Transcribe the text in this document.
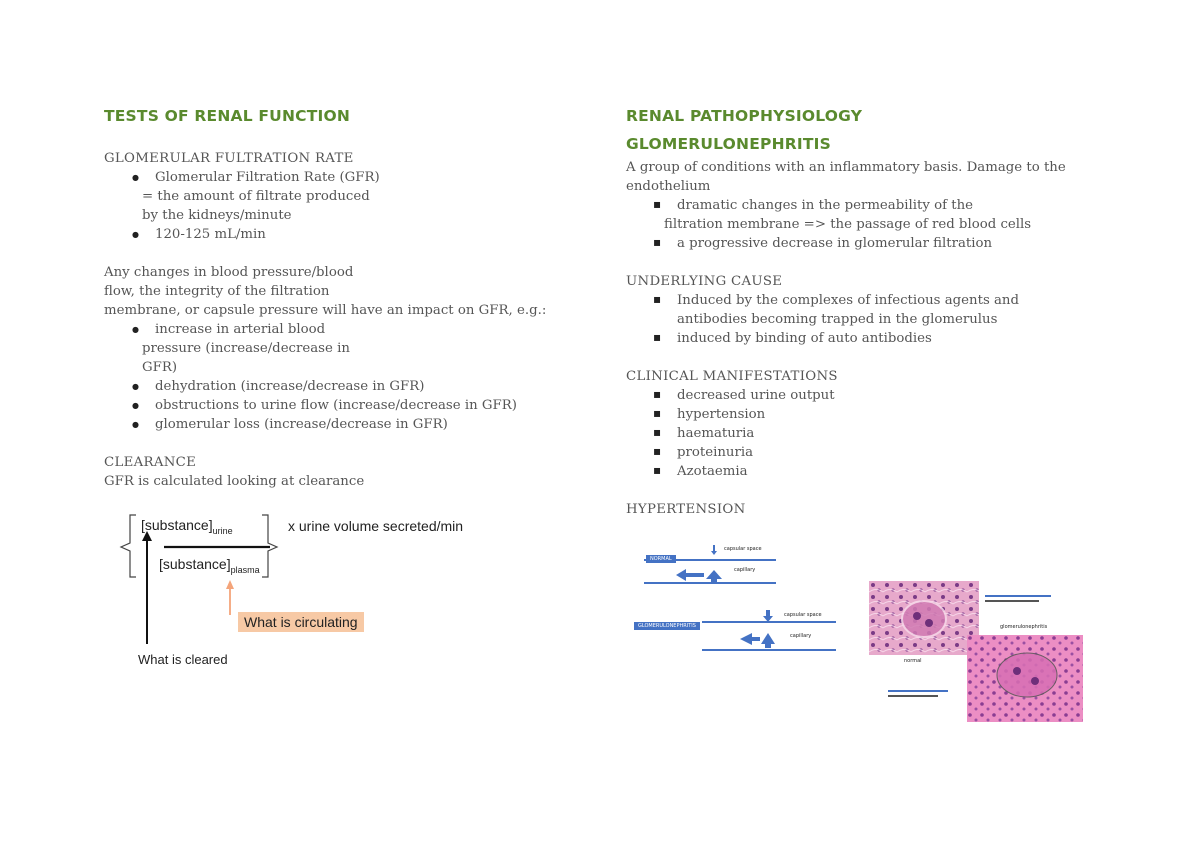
TESTS OF RENAL FUNCTION
GLOMERULAR FULTRATION RATE
● Glomerular Filtration Rate (GFR)
= the amount of filtrate produced
by the kidneys/minute
● 120-125 mL/min
Any changes in blood pressure/blood
flow, the integrity of the filtration
membrane, or capsule pressure will have an impact on GFR, e.g.:
● increase in arterial blood
pressure (increase/decrease in
GFR)
● dehydration (increase/decrease in GFR)
● obstructions to urine flow (increase/decrease in GFR)
● glomerular loss (increase/decrease in GFR)
CLEARANCE
GFR is calculated looking at clearance
$[substance]_{urine}$
$[substance]_{plasma}$
x urine volume secreted/min
What is circulating
What is cleared
RENAL PATHOPHYSIOLOGY
GLOMERULONEPHRITIS
A group of conditions with an inflammatory basis. Damage to the
endothelium
▪ dramatic changes in the permeability of the
filtration membrane => the passage of red blood cells
▪ a progressive decrease in glomerular filtration
UNDERLYING CAUSE
▪ Induced by the complexes of infectious agents and
antibodies becoming trapped in the glomerulus
▪ induced by binding of auto antibodies
CLINICAL MANIFESTATIONS
▪ decreased urine output
▪ hypertension
▪ haematuria
▪ proteinuria
▪ Azotaemia
HYPERTENSION
NORMAL
GLOMERULONEPHRITIS
capsular space
capillary
capsular space
capillary
normal
glomerulonephritis
